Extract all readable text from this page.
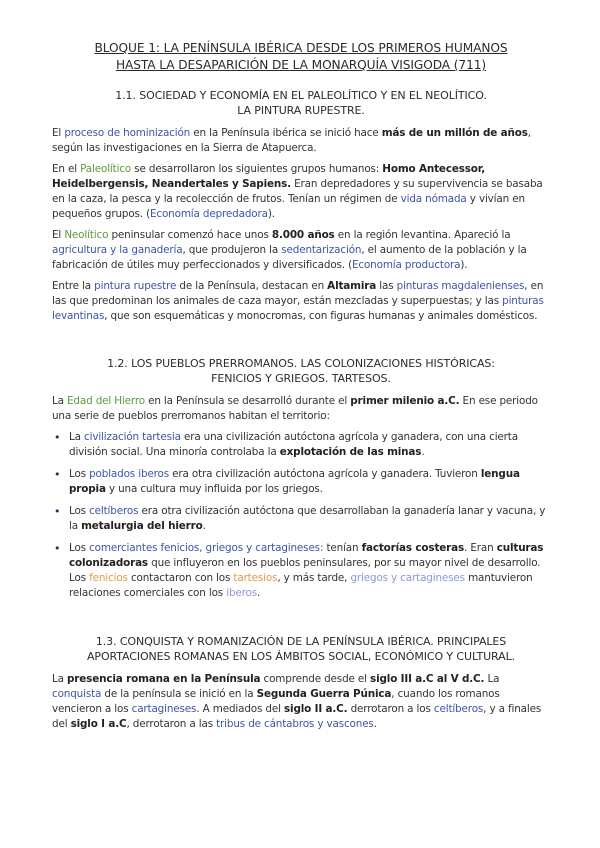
BLOQUE 1: LA PENÍNSULA IBÉRICA DESDE LOS PRIMEROS HUMANOS
HASTA LA DESAPARICIÓN DE LA MONARQUÍA VISIGODA (711)
1.1. SOCIEDAD Y ECONOMÍA EN EL PALEOLÍTICO Y EN EL NEOLÍTICO.
LA PINTURA RUPESTRE.

El proceso de hominización en la Península ibérica se inició hace más de un millón de años, según las investigaciones en la Sierra de Atapuerca.

En el Paleolítico se desarrollaron los siguientes grupos humanos: Homo Antecessor, Heidelbergensis, Neandertales y Sapiens. Eran depredadores y su supervivencia se basaba en la caza, la pesca y la recolección de frutos. Tenían un régimen de vida nómada y vivían en pequeños grupos. (Economía depredadora).

El Neolítico peninsular comenzó hace unos 8.000 años en la región levantina. Apareció la agricultura y la ganadería, que produjeron la sedentarización, el aumento de la población y la fabricación de útiles muy perfeccionados y diversificados. (Economía productora).

Entre la pintura rupestre de la Península, destacan en Altamira las pinturas magdalenienses, en las que predominan los animales de caza mayor, están mezcladas y superpuestas; y las pinturas levantinas, que son esquemáticas y monocromas, con figuras humanas y animales domésticos.

1.2. LOS PUEBLOS PRERROMANOS. LAS COLONIZACIONES HISTÓRICAS:
FENICIOS Y GRIEGOS. TARTESOS.

La Edad del Hierro en la Península se desarrolló durante el primer milenio a.C. En ese periodo una serie de pueblos prerromanos habitan el territorio:

• La civilización tartesia era una civilización autóctona agrícola y ganadera, con una cierta división social. Una minoría controlaba la explotación de las minas.
• Los poblados iberos era otra civilización autóctona agrícola y ganadera. Tuvieron lengua propia y una cultura muy influida por los griegos.
• Los celtíberos era otra civilización autóctona que desarrollaban la ganadería lanar y vacuna, y la metalurgia del hierro.
• Los comerciantes fenicios, griegos y cartagineses: tenían factorías costeras. Eran culturas colonizadoras que influyeron en los pueblos peninsulares, por su mayor nivel de desarrollo. Los fenicios contactaron con los tartesios, y más tarde, griegos y cartagineses mantuvieron relaciones comerciales con los iberos.
1.3. CONQUISTA Y ROMANIZACIÓN DE LA PENÍNSULA IBÉRICA. PRINCIPALES
APORTACIONES ROMANAS EN LOS ÁMBITOS SOCIAL, ECONÓMICO Y CULTURAL.

La presencia romana en la Península comprende desde el siglo III a.C al V d.C. La conquista de la península se inició en la Segunda Guerra Púnica, cuando los romanos vencieron a los cartagineses. A mediados del siglo II a.C. derrotaron a los celtíberos, y a finales del siglo I a.C, derrotaron a las tribus de cántabros y vascones.
